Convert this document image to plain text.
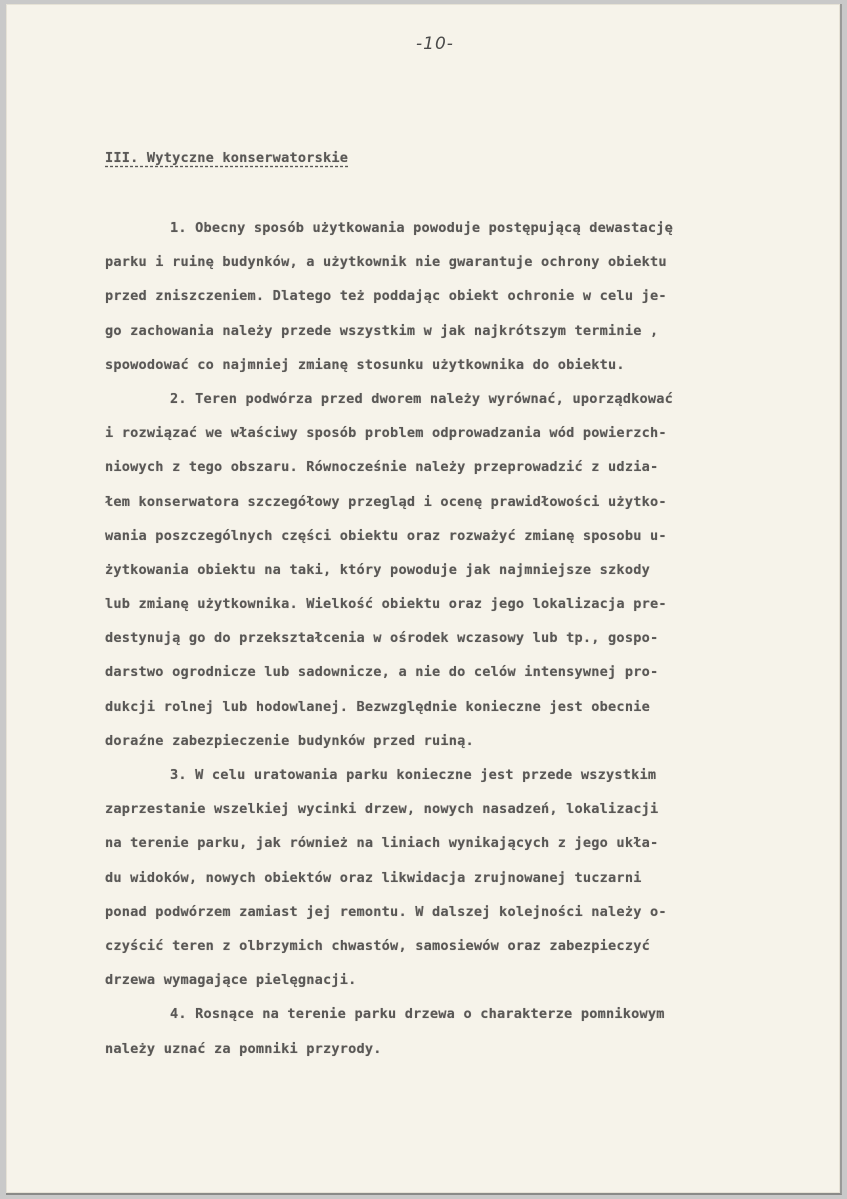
-10-
III. Wytyczne konserwatorskie
1. Obecny sposób użytkowania powoduje postępującą dewastację
parku i ruinę budynków, a użytkownik nie gwarantuje ochrony obiektu
przed zniszczeniem. Dlatego też poddając obiekt ochronie w celu je-
go zachowania należy przede wszystkim w jak najkrótszym terminie ,
spowodować co najmniej zmianę stosunku użytkownika do obiektu.
2. Teren podwórza przed dworem należy wyrównać, uporządkować
i rozwiązać we właściwy sposób problem odprowadzania wód powierzch-
niowych z tego obszaru. Równocześnie należy przeprowadzić z udzia-
łem konserwatora szczegółowy przegląd i ocenę prawidłowości użytko-
wania poszczególnych części obiektu oraz rozważyć zmianę sposobu u-
żytkowania obiektu na taki, który powoduje jak najmniejsze szkody
lub zmianę użytkownika. Wielkość obiektu oraz jego lokalizacja pre-
destynują go do przekształcenia w ośrodek wczasowy lub tp., gospo-
darstwo ogrodnicze lub sadownicze, a nie do celów intensywnej pro-
dukcji rolnej lub hodowlanej. Bezwzględnie konieczne jest obecnie
doraźne zabezpieczenie budynków przed ruiną.
3. W celu uratowania parku konieczne jest przede wszystkim
zaprzestanie wszelkiej wycinki drzew, nowych nasadzeń, lokalizacji
na terenie parku, jak również na liniach wynikających z jego ukła-
du widoków, nowych obiektów oraz likwidacja zrujnowanej tuczarni
ponad podwórzem zamiast jej remontu. W dalszej kolejności należy o-
czyścić teren z olbrzymich chwastów, samosiewów oraz zabezpieczyć
drzewa wymagające pielęgnacji.
4. Rosnące na terenie parku drzewa o charakterze pomnikowym
należy uznać za pomniki przyrody.
